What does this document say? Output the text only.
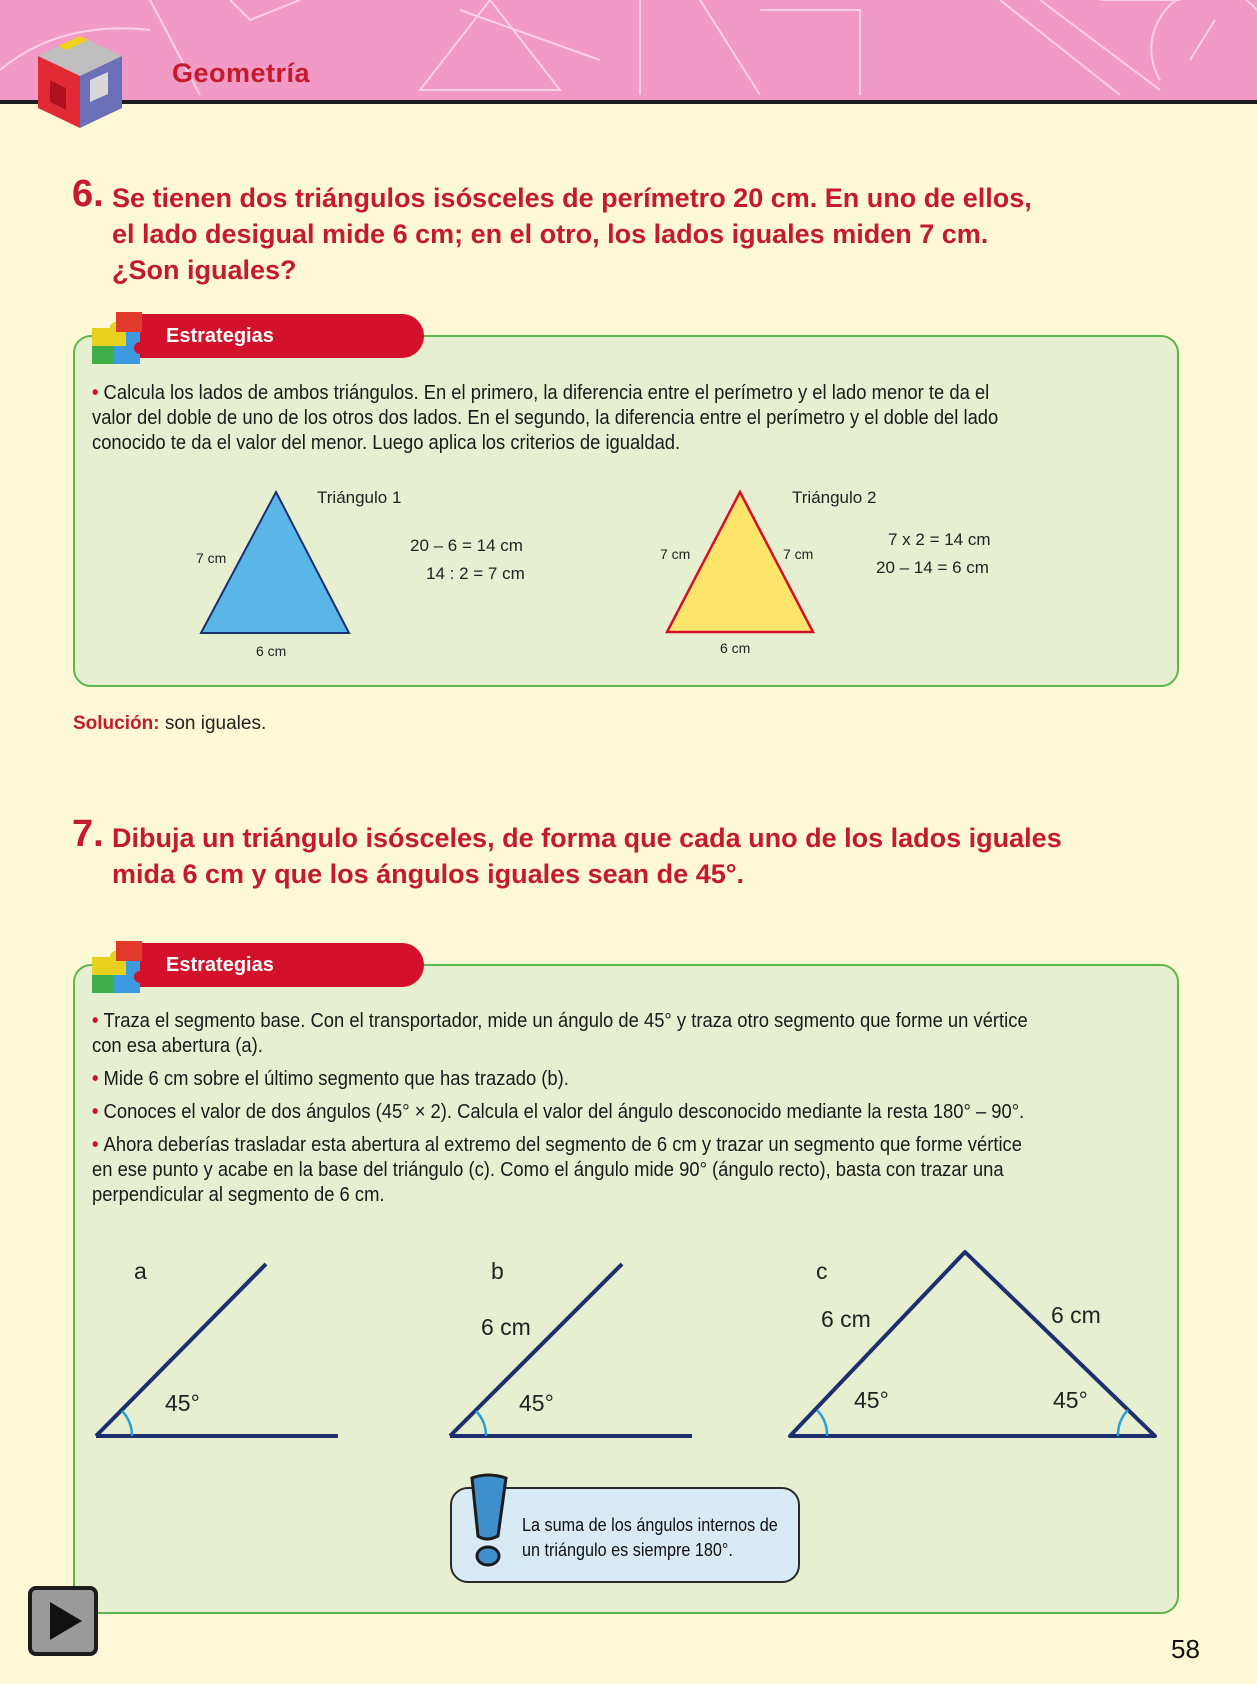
Geometría
6. Se tienen dos triángulos isósceles de perímetro 20 cm. En uno de ellos,
el lado desigual mide 6 cm; en el otro, los lados iguales miden 7 cm.
¿Son iguales?
Estrategias
• Calcula los lados de ambos triángulos. En el primero, la diferencia entre el perímetro y el lado menor te da el
valor del doble de uno de los otros dos lados. En el segundo, la diferencia entre el perímetro y el doble del lado
conocido te da el valor del menor. Luego aplica los criterios de igualdad.
Triángulo 1
7 cm
6 cm
20 – 6 = 14 cm
14 : 2 = 7 cm
Triángulo 2
7 cm	7 cm
6 cm
7 x 2 = 14 cm
20 – 14 = 6 cm
Solución: son iguales.
7. Dibuja un triángulo isósceles, de forma que cada uno de los lados iguales
mida 6 cm y que los ángulos iguales sean de 45°.
Estrategias
• Traza el segmento base. Con el transportador, mide un ángulo de 45° y traza otro segmento que forme un vértice
con esa abertura (a).
• Mide 6 cm sobre el último segmento que has trazado (b).
• Conoces el valor de dos ángulos (45° × 2). Calcula el valor del ángulo desconocido mediante la resta 180° – 90°.
• Ahora deberías trasladar esta abertura al extremo del segmento de 6 cm y trazar un segmento que forme vértice
en ese punto y acabe en la base del triángulo (c). Como el ángulo mide 90° (ángulo recto), basta con trazar una
perpendicular al segmento de 6 cm.
a
45°
b
6 cm
45°
c
6 cm	6 cm
45°	45°
La suma de los ángulos internos de
un triángulo es siempre 180°.
58
